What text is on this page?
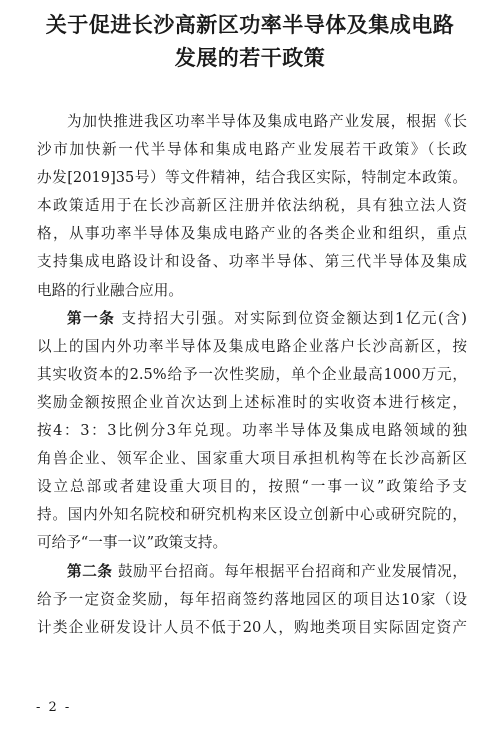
关于促进长沙高新区功率半导体及集成电路
发展的若干政策
为加快推进我区功率半导体及集成电路产业发展，根据《长
沙市加快新一代半导体和集成电路产业发展若干政策》（长政
办发[2019]35号）等文件精神，结合我区实际，特制定本政策。
本政策适用于在长沙高新区注册并依法纳税，具有独立法人资
格，从事功率半导体及集成电路产业的各类企业和组织，重点
支持集成电路设计和设备、功率半导体、第三代半导体及集成
电路的行业融合应用。
第一条 支持招大引强。对实际到位资金额达到1亿元(含)
以上的国内外功率半导体及集成电路企业落户长沙高新区，按
其实收资本的2.5%给予一次性奖励，单个企业最高1000万元，
奖励金额按照企业首次达到上述标准时的实收资本进行核定，
按4：3：3比例分3年兑现。功率半导体及集成电路领域的独
角兽企业、领军企业、国家重大项目承担机构等在长沙高新区
设立总部或者建设重大项目的，按照“一事一议”政策给予支
持。国内外知名院校和研究机构来区设立创新中心或研究院的，
可给予“一事一议”政策支持。
第二条 鼓励平台招商。每年根据平台招商和产业发展情况，
给予一定资金奖励，每年招商签约落地园区的项目达10家（设
计类企业研发设计人员不低于20人，购地类项目实际固定资产
- 2 -
